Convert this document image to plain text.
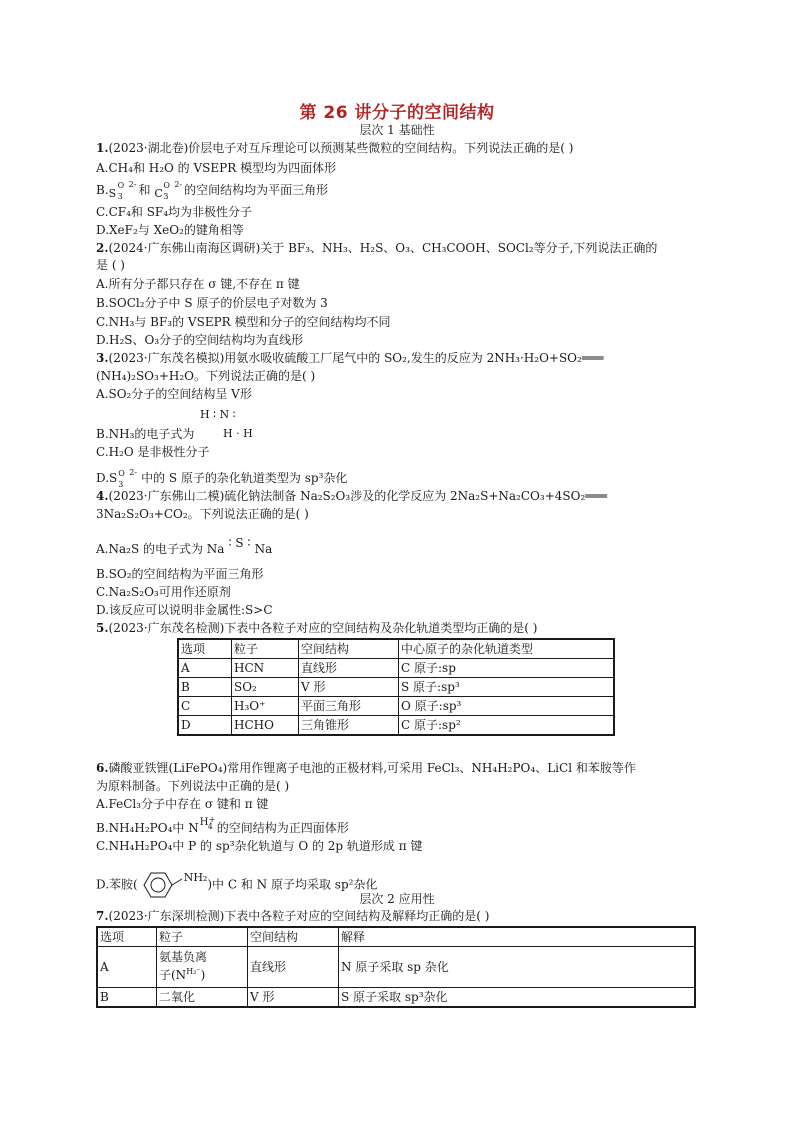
第 26 讲分子的空间结构
层次 1 基础性
1.(2023·湖北卷)价层电子对互斥理论可以预测某些微粒的空间结构。下列说法正确的是( )
A.CH₄和 H₂O 的 VSEPR 模型均为四面体形
B. S
O
3
2- 和 C
O
3
2- 的空间结构均为平面三角形
C.CF₄和 SF₄均为非极性分子
D.XeF₂与 XeO₂的键角相等
2.(2024·广东佛山南海区调研)关于 BF₃、NH₃、H₂S、O₃、CH₃COOH、SOCl₂等分子,下列说法正确的
是 ( )
A.所有分子都只存在 σ 键,不存在 π 键
B.SOCl₂分子中 S 原子的价层电子对数为 3
C.NH₃与 BF₃的 VSEPR 模型和分子的空间结构均不同
D.H₂S、O₃分子的空间结构均为直线形
3.(2023·广东茂名模拟)用氨水吸收硫酸工厂尾气中的 SO₂,发生的反应为 2NH₃·H₂O+SO₂═══
(NH₄)₂SO₃+H₂O。下列说法正确的是( )
A.SO₂分子的空间结构呈 V形
H ∶ N ∶
B.NH₃的电子式为	H · H
C.H₂O 是非极性分子
D.S O
3
2- 中的 S 原子的杂化轨道类型为 sp³杂化
4.(2023·广东佛山二模)硫化钠法制备 Na₂S₂O₃涉及的化学反应为 2Na₂S+Na₂CO₃+4SO₂═══
3Na₂S₂O₃+CO₂。下列说法正确的是( )
A.Na₂S 的电子式为 Na ∶ S ∶ Na
B.SO₂的空间结构为平面三角形
C.Na₂S₂O₃可用作还原剂
D.该反应可以说明非金属性:S>C
5.(2023·广东茂名检测)下表中各粒子对应的空间结构及杂化轨道类型均正确的是( )
选项	粒子	空间结构	中心原子的杂化轨道类型
A	HCN	直线形	C 原子:sp
B	SO₂	V 形	S 原子:sp³
C	H₃O⁺	平面三角形	O 原子:sp³
D	HCHO	三角锥形	C 原子:sp²
6.磷酸亚铁锂(LiFePO₄)常用作锂离子电池的正极材料,可采用 FeCl₃、NH₄H₂PO₄、LiCl 和苯胺等作
为原料制备。下列说法中正确的是( )
A.FeCl₃分子中存在 σ 键和 π 键
B.NH₄H₂PO₄中 N H 4
+
的空间结构为正四面体形
C.NH₄H₂PO₄中 P 的 sp³杂化轨道与 O 的 2p 轨道形成 π 键
D.苯胺(NH₂)中 C 和 N 原子均采取 sp²杂化
层次 2 应用性
7.(2023·广东深圳检测)下表中各粒子对应的空间结构及解释均正确的是( )
选项	粒子	空间结构	解释
A	氨基负离
子$(N^{H_2^-})$	直线形	N 原子采取 sp 杂化
B	二氧化	V 形	S 原子采取 sp³杂化
